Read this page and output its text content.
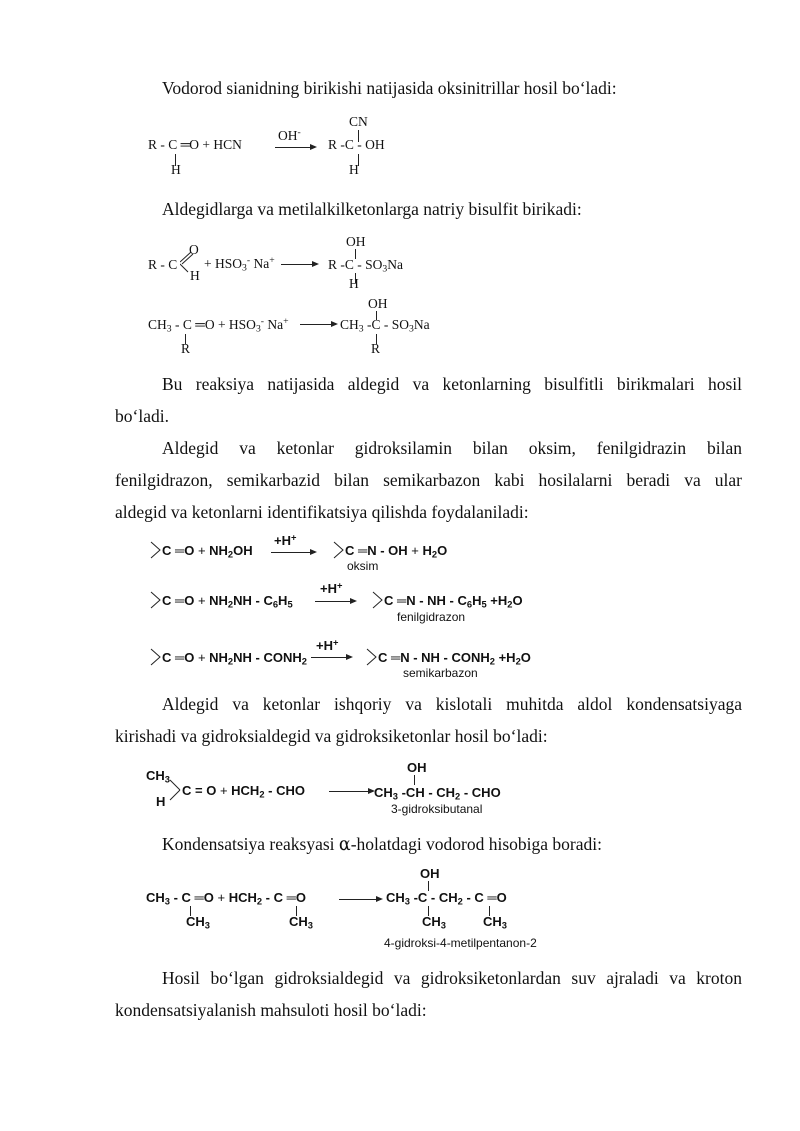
Vodorod sianidning birikishi natijasida oksinitrillar hosil boʻladi:

R - C ═O + HCN
H
OH-
CN
R -C - OH
H

Aldegidlarga va metilalkilketonlarga natriy bisulfit birikadi:

R - C
O
H
+ $HSO_3^-$ Na+
OH
R $-C - SO_3Na$
H
$CH_3$ - C ═O + $HSO_3^-$ Na+
R
OH
$CH_3$ $-C - SO_3Na$
R
Bu reaksiya natijasida aldegid va ketonlarning bisulfitli birikmalari hosil
boʻladi.
Aldegid va ketonlar gidroksilamin bilan oksim, fenilgidrazin bilan
fenilgidrazon, semikarbazid bilan semikarbazon kabi hosilalarni beradi va ular
aldegid va ketonlarni identifikatsiya qilishda foydalaniladi:
C ═O + $NH_2OH$
+H+
C ═N - OH + $H_2O$
oksim
C ═O + $NH_2NH - C_6H_5$
+H+
C ═N - NH - $C_6H_5 +H_2O$
fenilgidrazon
C ═O + $NH_2NH$ - $CONH_2$
+H+
C ═N - NH - $CONH_2 +H_2O$
semikarbazon
Aldegid va ketonlar ishqoriy va kislotali muhitda aldol kondensatsiyaga
kirishadi va gidroksialdegid va gidroksiketonlar hosil boʻladi:
$CH_3$
H
$C = O + HCH_2$ - CHO
OH
$CH_3$ $-CH - CH_2$ - CHO
3-gidroksibutanal

Kondensatsiya reaksyasi α-holatdagi vodorod hisobiga boradi:

$CH_3$ - C ═O + $HCH_2$ - C ═O
$CH_3$	$CH_3$
OH
$CH_3$ $-C - CH_2$ - C ═O
$CH_3$	$CH_3$
4-gidroksi-4-metilpentanon-2
Hosil boʻlgan gidroksialdegid va gidroksiketonlardan suv ajraladi va kroton
kondensatsiyalanish mahsuloti hosil boʻladi:
